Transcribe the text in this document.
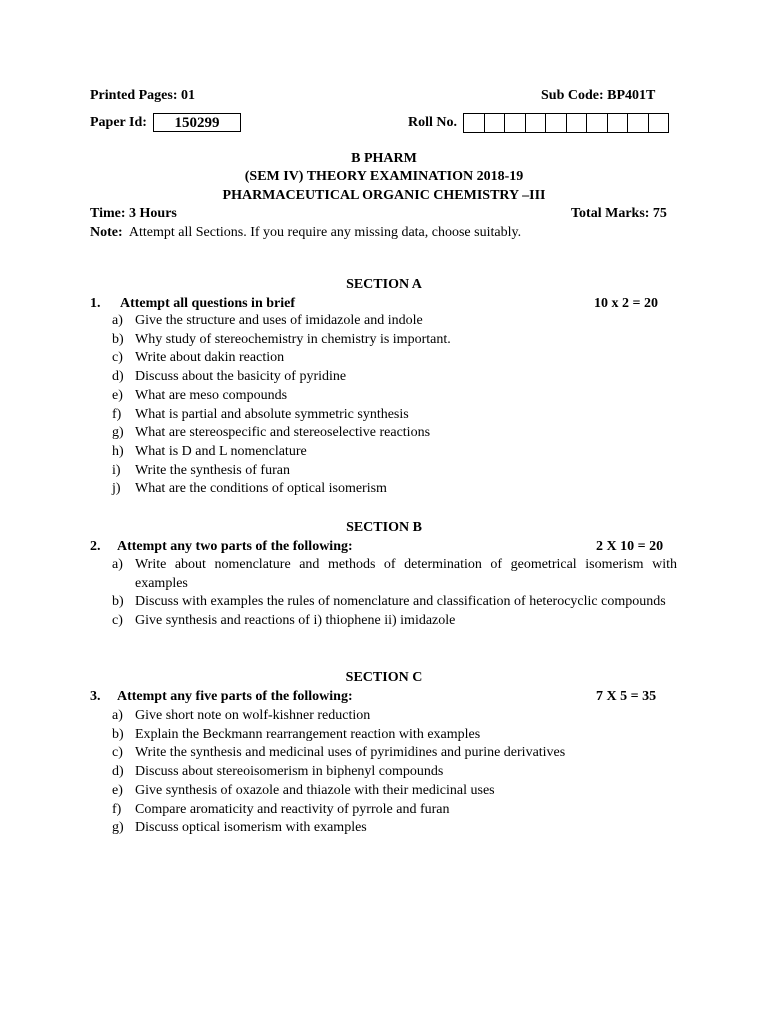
Printed Pages: 01	Sub Code: BP401T
Paper Id:	150299	Roll No.
B PHARM
(SEM IV) THEORY EXAMINATION 2018-19
PHARMACEUTICAL ORGANIC CHEMISTRY –III
Time: 3 Hours	Total Marks: 75
Note: Attempt all Sections. If you require any missing data, choose suitably.
SECTION A
1. Attempt all questions in brief	10 x 2 = 20
a) Give the structure and uses of imidazole and indole
b) Why study of stereochemistry in chemistry is important.
c) Write about dakin reaction
d) Discuss about the basicity of pyridine
e) What are meso compounds
f) What is partial and absolute symmetric synthesis
g) What are stereospecific and stereoselective reactions
h) What is D and L nomenclature
i) Write the synthesis of furan
j) What are the conditions of optical isomerism
SECTION B
2. Attempt any two parts of the following:	2 X 10 = 20
a) Write about nomenclature and methods of determination of geometrical isomerism with examples
b) Discuss with examples the rules of nomenclature and classification of heterocyclic compounds
c) Give synthesis and reactions of i) thiophene ii) imidazole
SECTION C
3. Attempt any five parts of the following:	7 X 5 = 35
a) Give short note on wolf-kishner reduction
b) Explain the Beckmann rearrangement reaction with examples
c) Write the synthesis and medicinal uses of pyrimidines and purine derivatives
d) Discuss about stereoisomerism in biphenyl compounds
e) Give synthesis of oxazole and thiazole with their medicinal uses
f) Compare aromaticity and reactivity of pyrrole and furan
g) Discuss optical isomerism with examples
